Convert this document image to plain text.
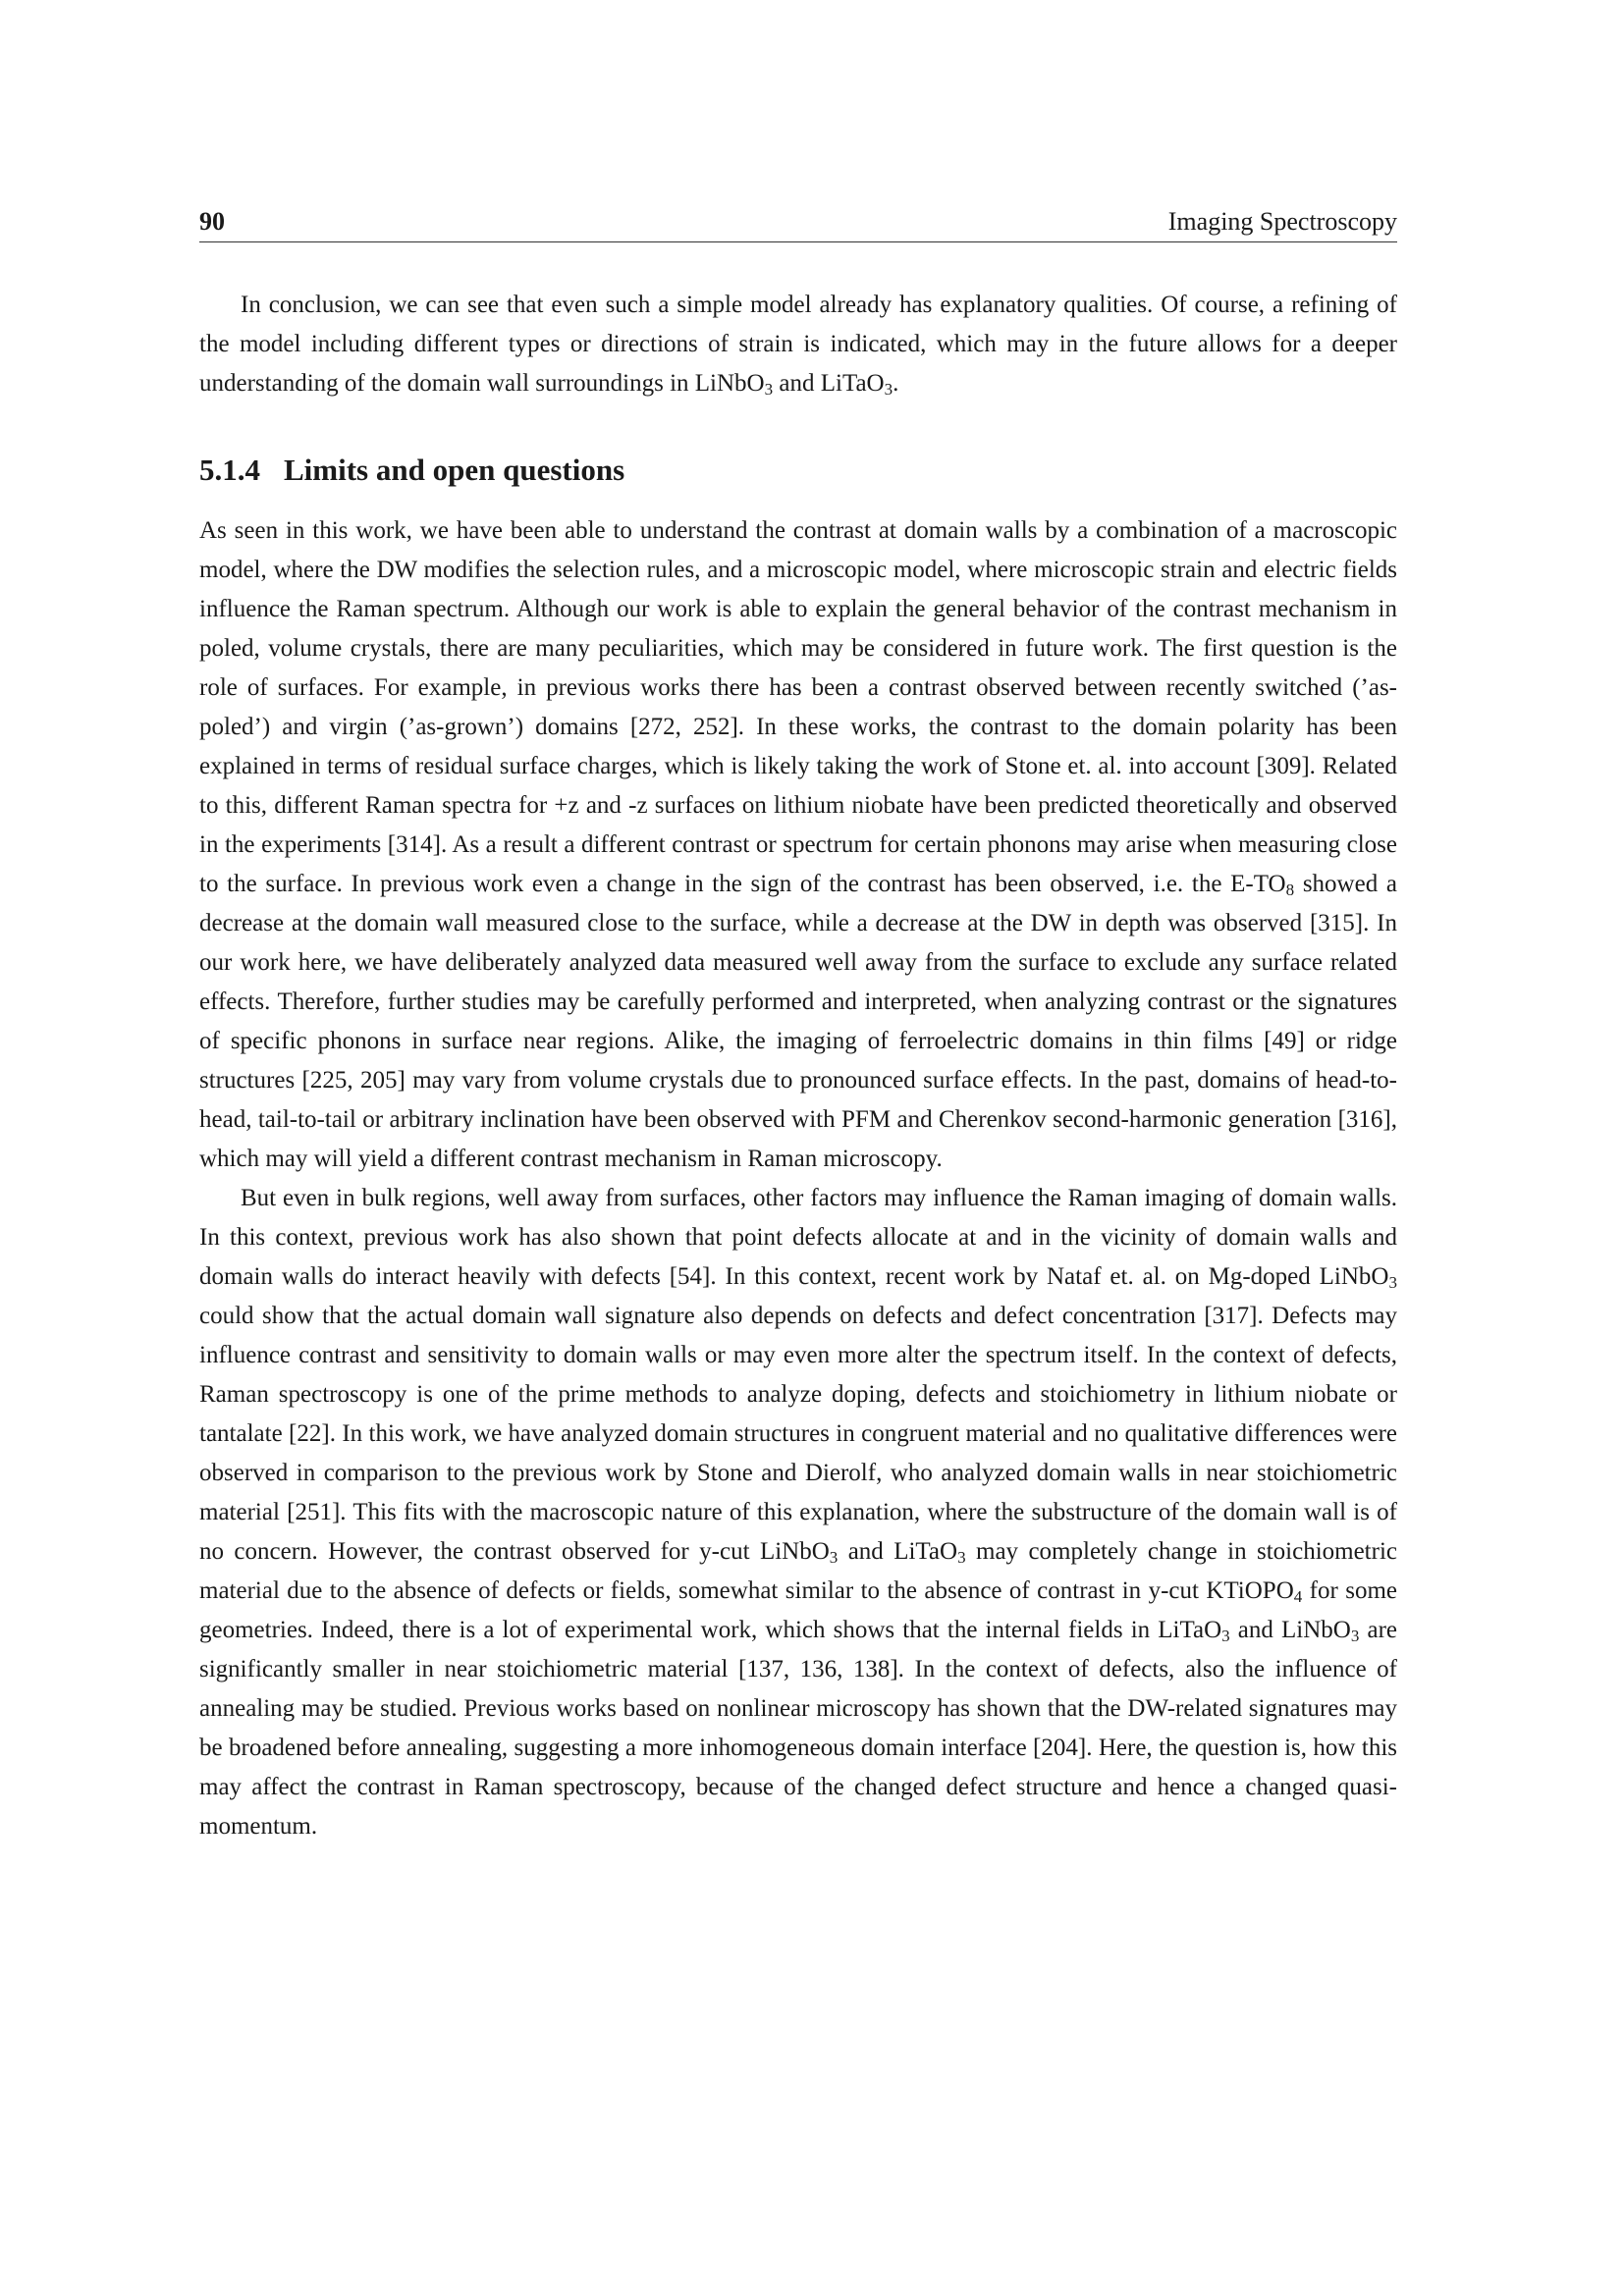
90	Imaging Spectroscopy

In conclusion, we can see that even such a simple model already has explanatory qualities. Of course, a refining of the model including different types or directions of strain is indicated, which may in the future allows for a deeper understanding of the domain wall surroundings in LiNbO$_3$ and LiTaO$_3$.

5.1.4 Limits and open questions

As seen in this work, we have been able to understand the contrast at domain walls by a combination of a macroscopic model, where the DW modifies the selection rules, and a microscopic model, where microscopic strain and electric fields influence the Raman spectrum. Although our work is able to explain the general behavior of the contrast mechanism in poled, volume crystals, there are many peculiarities, which may be considered in future work. The first question is the role of surfaces. For example, in previous works there has been a contrast observed between recently switched (’as-poled’) and virgin (’as-grown’) domains [272, 252]. In these works, the contrast to the domain polarity has been explained in terms of residual surface charges, which is likely taking the work of Stone et. al. into account [309]. Related to this, different Raman spectra for +z and -z surfaces on lithium niobate have been predicted theoretically and observed in the experiments [314]. As a result a different contrast or spectrum for certain phonons may arise when measuring close to the surface. In previous work even a change in the sign of the contrast has been observed, i.e. the $E-TO_8$ showed a decrease at the domain wall measured close to the surface, while a decrease at the DW in depth was observed [315]. In our work here, we have deliberately analyzed data measured well away from the surface to exclude any surface related effects. Therefore, further studies may be carefully performed and interpreted, when analyzing contrast or the signatures of specific phonons in surface near regions. Alike, the imaging of ferroelectric domains in thin films [49] or ridge structures [225, 205] may vary from volume crystals due to pronounced surface effects. In the past, domains of head-to-head, tail-to-tail or arbitrary inclination have been observed with PFM and Cherenkov second-harmonic generation [316], which may will yield a different contrast mechanism in Raman microscopy.

But even in bulk regions, well away from surfaces, other factors may influence the Raman imaging of domain walls. In this context, previous work has also shown that point defects allocate at and in the vicinity of domain walls and domain walls do interact heavily with defects [54]. In this context, recent work by Nataf et. al. on Mg-doped LiNbO$_3$ could show that the actual domain wall signature also depends on defects and defect concentration [317]. Defects may influence contrast and sensitivity to domain walls or may even more alter the spectrum itself. In the context of defects, Raman spectroscopy is one of the prime methods to analyze doping, defects and stoichiometry in lithium niobate or tantalate [22]. In this work, we have analyzed domain structures in congruent material and no qualitative differences were observed in comparison to the previous work by Stone and Dierolf, who analyzed domain walls in near stoichiometric material [251]. This fits with the macroscopic nature of this explanation, where the substructure of the domain wall is of no concern. However, the contrast observed for y-cut LiNbO$_3$ and LiTaO$_3$ may completely change in stoichiometric material due to the absence of defects or fields, somewhat similar to the absence of contrast in y-cut KTiOPO$_4$ for some geometries. Indeed, there is a lot of experimental work, which shows that the internal fields in LiTaO$_3$ and LiNbO$_3$ are significantly smaller in near stoichiometric material [137, 136, 138]. In the context of defects, also the influence of annealing may be studied. Previous works based on nonlinear microscopy has shown that the DW-related signatures may be broadened before annealing, suggesting a more inhomogeneous domain interface [204]. Here, the question is, how this may affect the contrast in Raman spectroscopy, because of the changed defect structure and hence a changed quasi-momentum.
